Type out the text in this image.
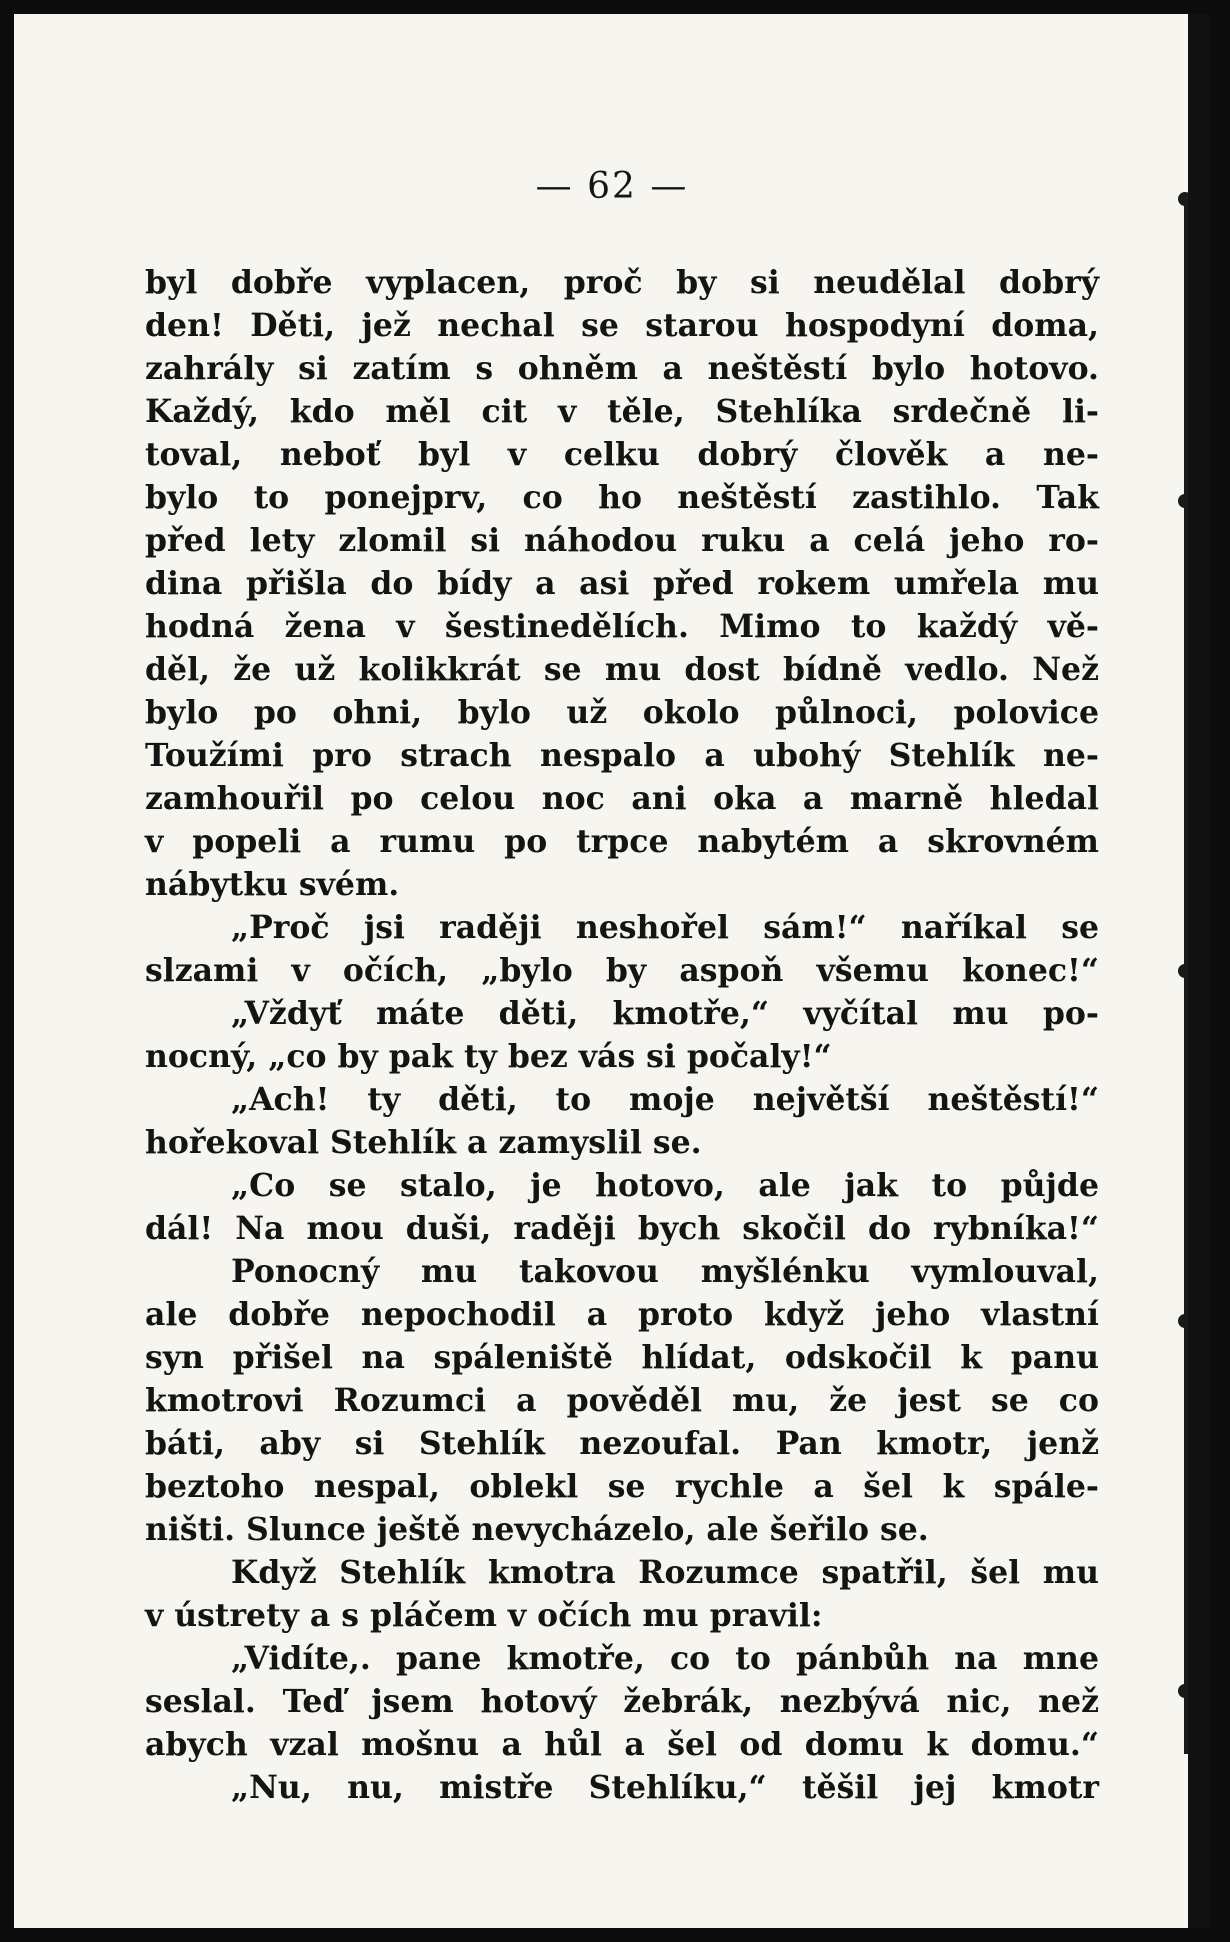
— 62 —
byl dobře vyplacen, proč by si neudělal dobrý
den! Děti, jež nechal se starou hospodyní doma,
zahrály si zatím s ohněm a neštěstí bylo hotovo.
Každý, kdo měl cit v těle, Stehlíka srdečně li-
toval, neboť byl v celku dobrý člověk a ne-
bylo to ponejprv, co ho neštěstí zastihlo. Tak
před lety zlomil si náhodou ruku a celá jeho ro-
dina přišla do bídy a asi před rokem umřela mu
hodná žena v šestinedělích. Mimo to každý vě-
děl, že už kolikkrát se mu dost bídně vedlo. Než
bylo po ohni, bylo už okolo půlnoci, polovice
Toužími pro strach nespalo a ubohý Stehlík ne-
zamhouřil po celou noc ani oka a marně hledal
v popeli a rumu po trpce nabytém a skrovném
nábytku svém.
„Proč jsi raději neshořel sám!“ naříkal se
slzami v očích, „bylo by aspoň všemu konec!“
„Vždyť máte děti, kmotře,“ vyčítal mu po-
nocný, „co by pak ty bez vás si počaly!“
„Ach! ty děti, to moje největší neštěstí!“
hořekoval Stehlík a zamyslil se.
„Co se stalo, je hotovo, ale jak to půjde
dál! Na mou duši, raději bych skočil do rybníka!“
Ponocný mu takovou myšlénku vymlouval,
ale dobře nepochodil a proto když jeho vlastní
syn přišel na spáleniště hlídat, odskočil k panu
kmotrovi Rozumci a pověděl mu, že jest se co
báti, aby si Stehlík nezoufal. Pan kmotr, jenž
beztoho nespal, oblekl se rychle a šel k spále-
ništi. Slunce ještě nevycházelo, ale šeřilo se.
Když Stehlík kmotra Rozumce spatřil, šel mu
v ústrety a s pláčem v očích mu pravil:
„Vidíte,. pane kmotře, co to pánbůh na mne
seslal. Teď jsem hotový žebrák, nezbývá nic, než
abych vzal mošnu a hůl a šel od domu k domu.“
„Nu, nu, mistře Stehlíku,“ těšil jej kmotr
